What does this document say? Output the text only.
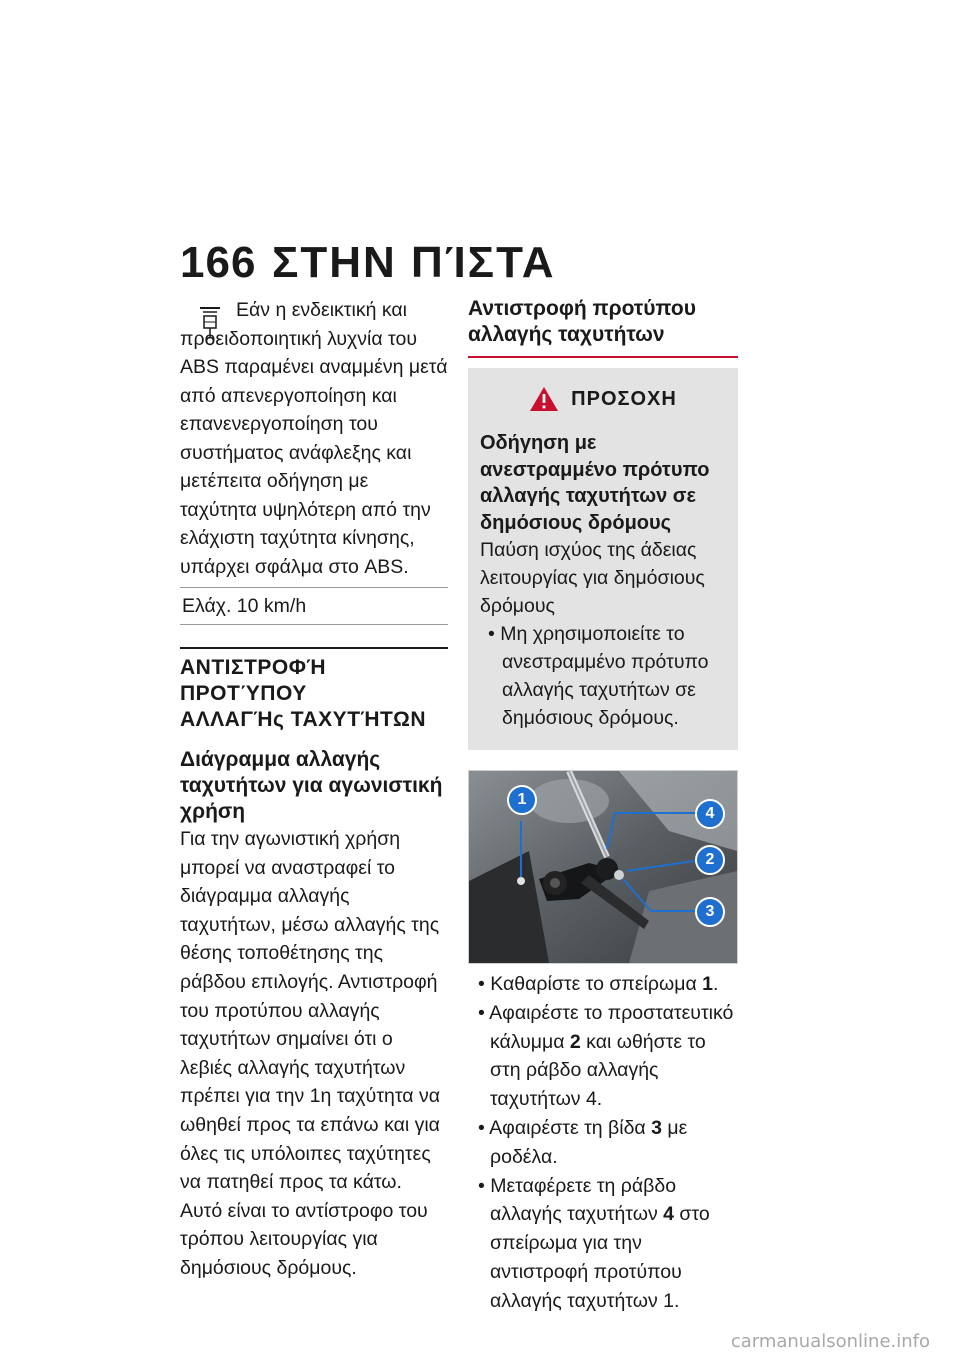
166 ΣΤΗΝ ΠΊΣΤΑ

Εάν η ενδεικτική και προειδοποιητική λυχνία του ABS παραμένει αναμμένη μετά από απενεργοποίηση και επανενεργοποίηση του συστήματος ανάφλεξης και μετέπειτα οδήγηση με ταχύτητα υψηλότερη από την ελάχιστη ταχύτητα κίνησης, υπάρχει σφάλμα στο ABS.

Ελάχ. 10 km/h
ΑΝΤΙΣΤΡΟΦΉ ΠΡΟΤΎΠΟΥ
ΑΛΛΑΓΉς ΤΑΧΥΤΉΤΩΝ

Διάγραμμα αλλαγής ταχυτήτων για αγωνιστική χρήση

Για την αγωνιστική χρήση μπορεί να αναστραφεί το διάγραμμα αλλαγής ταχυτήτων, μέσω αλλαγής της θέσης τοποθέτησης της ράβδου επιλογής. Αντιστροφή του προτύπου αλλαγής ταχυτήτων σημαίνει ότι ο λεβιές αλλαγής ταχυτήτων πρέπει για την 1η ταχύτητα να ωθηθεί προς τα επάνω και για όλες τις υπόλοιπες ταχύτητες να πατηθεί προς τα κάτω. Αυτό είναι το αντίστροφο του τρόπου λειτουργίας για δημόσιους δρόμους.

Αντιστροφή προτύπου αλλαγής ταχυτήτων

ΠΡΟΣΟΧΗ

Οδήγηση με ανεστραμμένο πρότυπο αλλαγής ταχυτήτων σε δημόσιους δρόμους

Παύση ισχύος της άδειας λειτουργίας για δημόσιους δρόμους

• Μη χρησιμοποιείτε το ανεστραμμένο πρότυπο αλλαγής ταχυτήτων σε δημόσιους δρόμους.

1
4
2
3

• Καθαρίστε το σπείρωμα 1.

• Αφαιρέστε το προστατευτικό κάλυμμα 2 και ωθήστε το στη ράβδο αλλαγής ταχυτήτων 4.

• Αφαιρέστε τη βίδα 3 με ροδέλα.

• Μεταφέρετε τη ράβδο αλλαγής ταχυτήτων 4 στο σπείρωμα για την αντιστροφή προτύπου αλλαγής ταχυτήτων 1.

carmanualsonline.info
